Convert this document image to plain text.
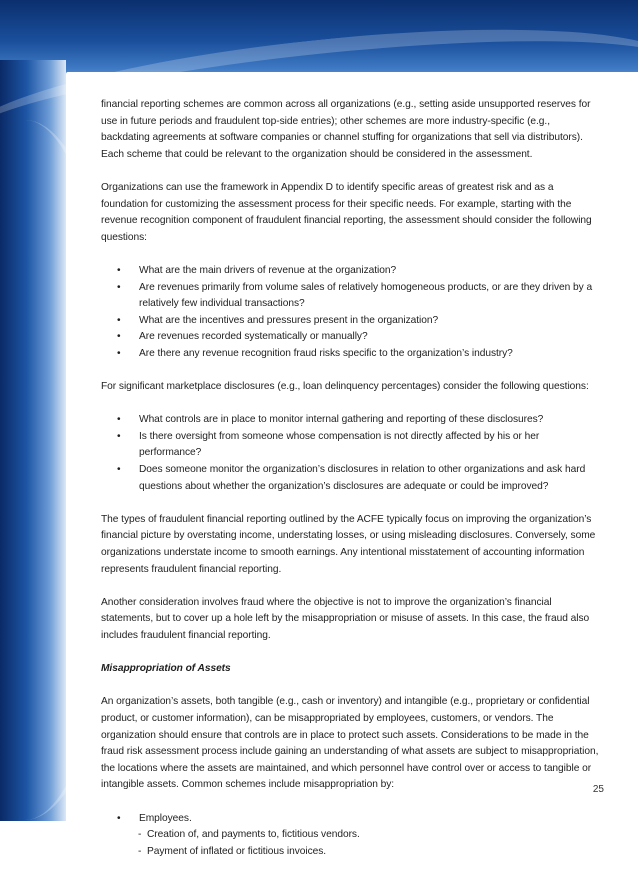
financial reporting schemes are common across all organizations (e.g., setting aside unsupported reserves for use in future periods and fraudulent top-side entries); other schemes are more industry-specific (e.g., backdating agreements at software companies or channel stuffing for organizations that sell via distributors). Each scheme that could be relevant to the organization should be considered in the assessment.

Organizations can use the framework in Appendix D to identify specific areas of greatest risk and as a foundation for customizing the assessment process for their specific needs. For example, starting with the revenue recognition component of fraudulent financial reporting, the assessment should consider the following questions:

• What are the main drivers of revenue at the organization?
• Are revenues primarily from volume sales of relatively homogeneous products, or are they driven by a relatively few individual transactions?
• What are the incentives and pressures present in the organization?
• Are revenues recorded systematically or manually?
• Are there any revenue recognition fraud risks specific to the organization’s industry?

For significant marketplace disclosures (e.g., loan delinquency percentages) consider the following questions:

• What controls are in place to monitor internal gathering and reporting of these disclosures?
• Is there oversight from someone whose compensation is not directly affected by his or her performance?
• Does someone monitor the organization’s disclosures in relation to other organizations and ask hard questions about whether the organization’s disclosures are adequate or could be improved?

The types of fraudulent financial reporting outlined by the ACFE typically focus on improving the organization’s financial picture by overstating income, understating losses, or using misleading disclosures. Conversely, some organizations understate income to smooth earnings. Any intentional misstatement of accounting information represents fraudulent financial reporting.

Another consideration involves fraud where the objective is not to improve the organization’s financial statements, but to cover up a hole left by the misappropriation or misuse of assets. In this case, the fraud also includes fraudulent financial reporting.

Misappropriation of Assets

An organization’s assets, both tangible (e.g., cash or inventory) and intangible (e.g., proprietary or confidential product, or customer information), can be misappropriated by employees, customers, or vendors. The organization should ensure that controls are in place to protect such assets. Considerations to be made in the fraud risk assessment process include gaining an understanding of what assets are subject to misappropriation, the locations where the assets are maintained, and which personnel have control over or access to tangible or intangible assets. Common schemes include misappropriation by:

• Employees.
- Creation of, and payments to, fictitious vendors.
- Payment of inflated or fictitious invoices.
25
